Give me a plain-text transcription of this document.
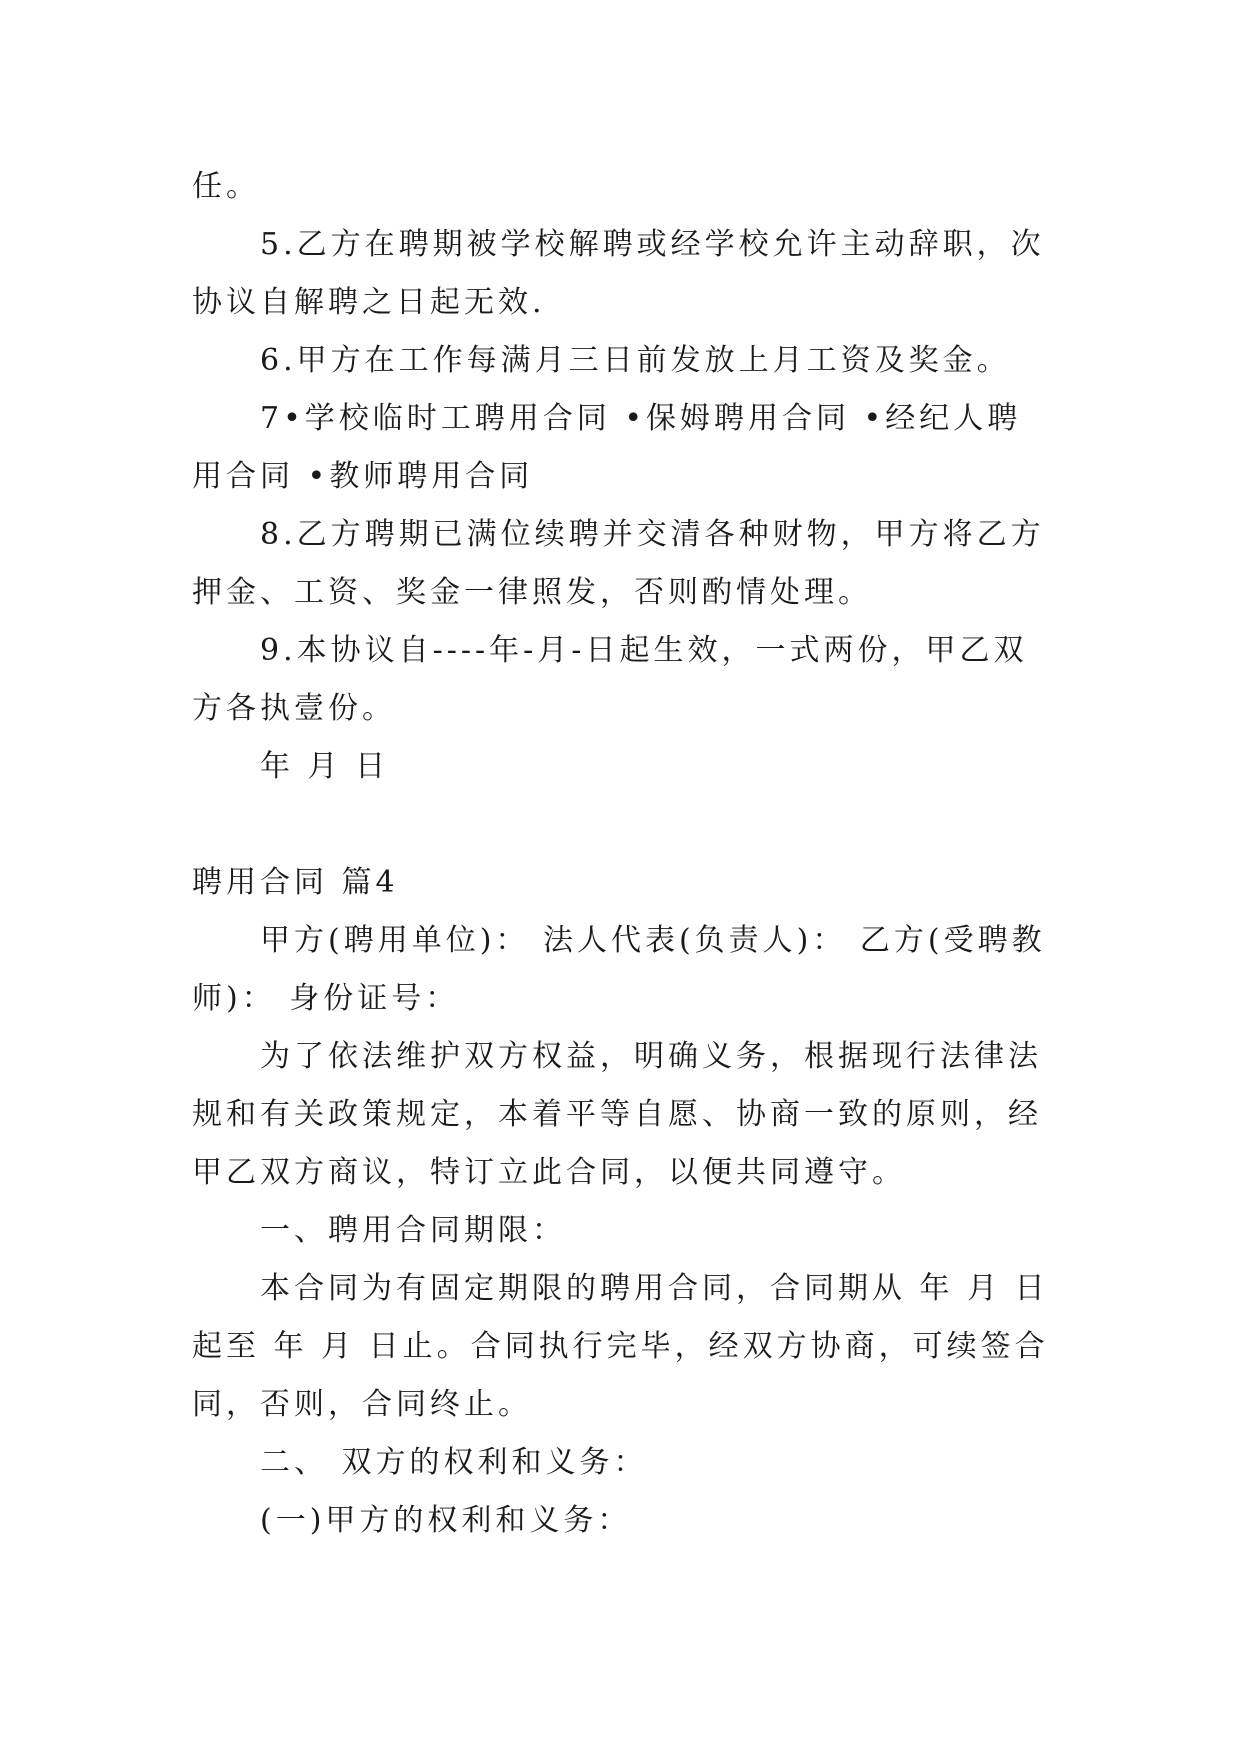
任。

5.乙方在聘期被学校解聘或经学校允许主动辞职，次协议自解聘之日起无效.

6.甲方在工作每满月三日前发放上月工资及奖金。

7•学校临时工聘用合同 •保姆聘用合同 •经纪人聘用合同 •教师聘用合同

8.乙方聘期已满位续聘并交清各种财物，甲方将乙方押金、工资、奖金一律照发，否则酌情处理。

9.本协议自----年-月-日起生效，一式两份，甲乙双方各执壹份。

年 月 日

聘用合同 篇4

甲方(聘用单位)： 法人代表(负责人)： 乙方(受聘教师)： 身份证号：

为了依法维护双方权益，明确义务，根据现行法律法规和有关政策规定，本着平等自愿、协商一致的原则，经甲乙双方商议，特订立此合同，以便共同遵守。

一、聘用合同期限：

本合同为有固定期限的聘用合同，合同期从 年 月 日起至 年 月 日止。合同执行完毕，经双方协商，可续签合同，否则，合同终止。

二、 双方的权利和义务：

(一)甲方的权利和义务：
